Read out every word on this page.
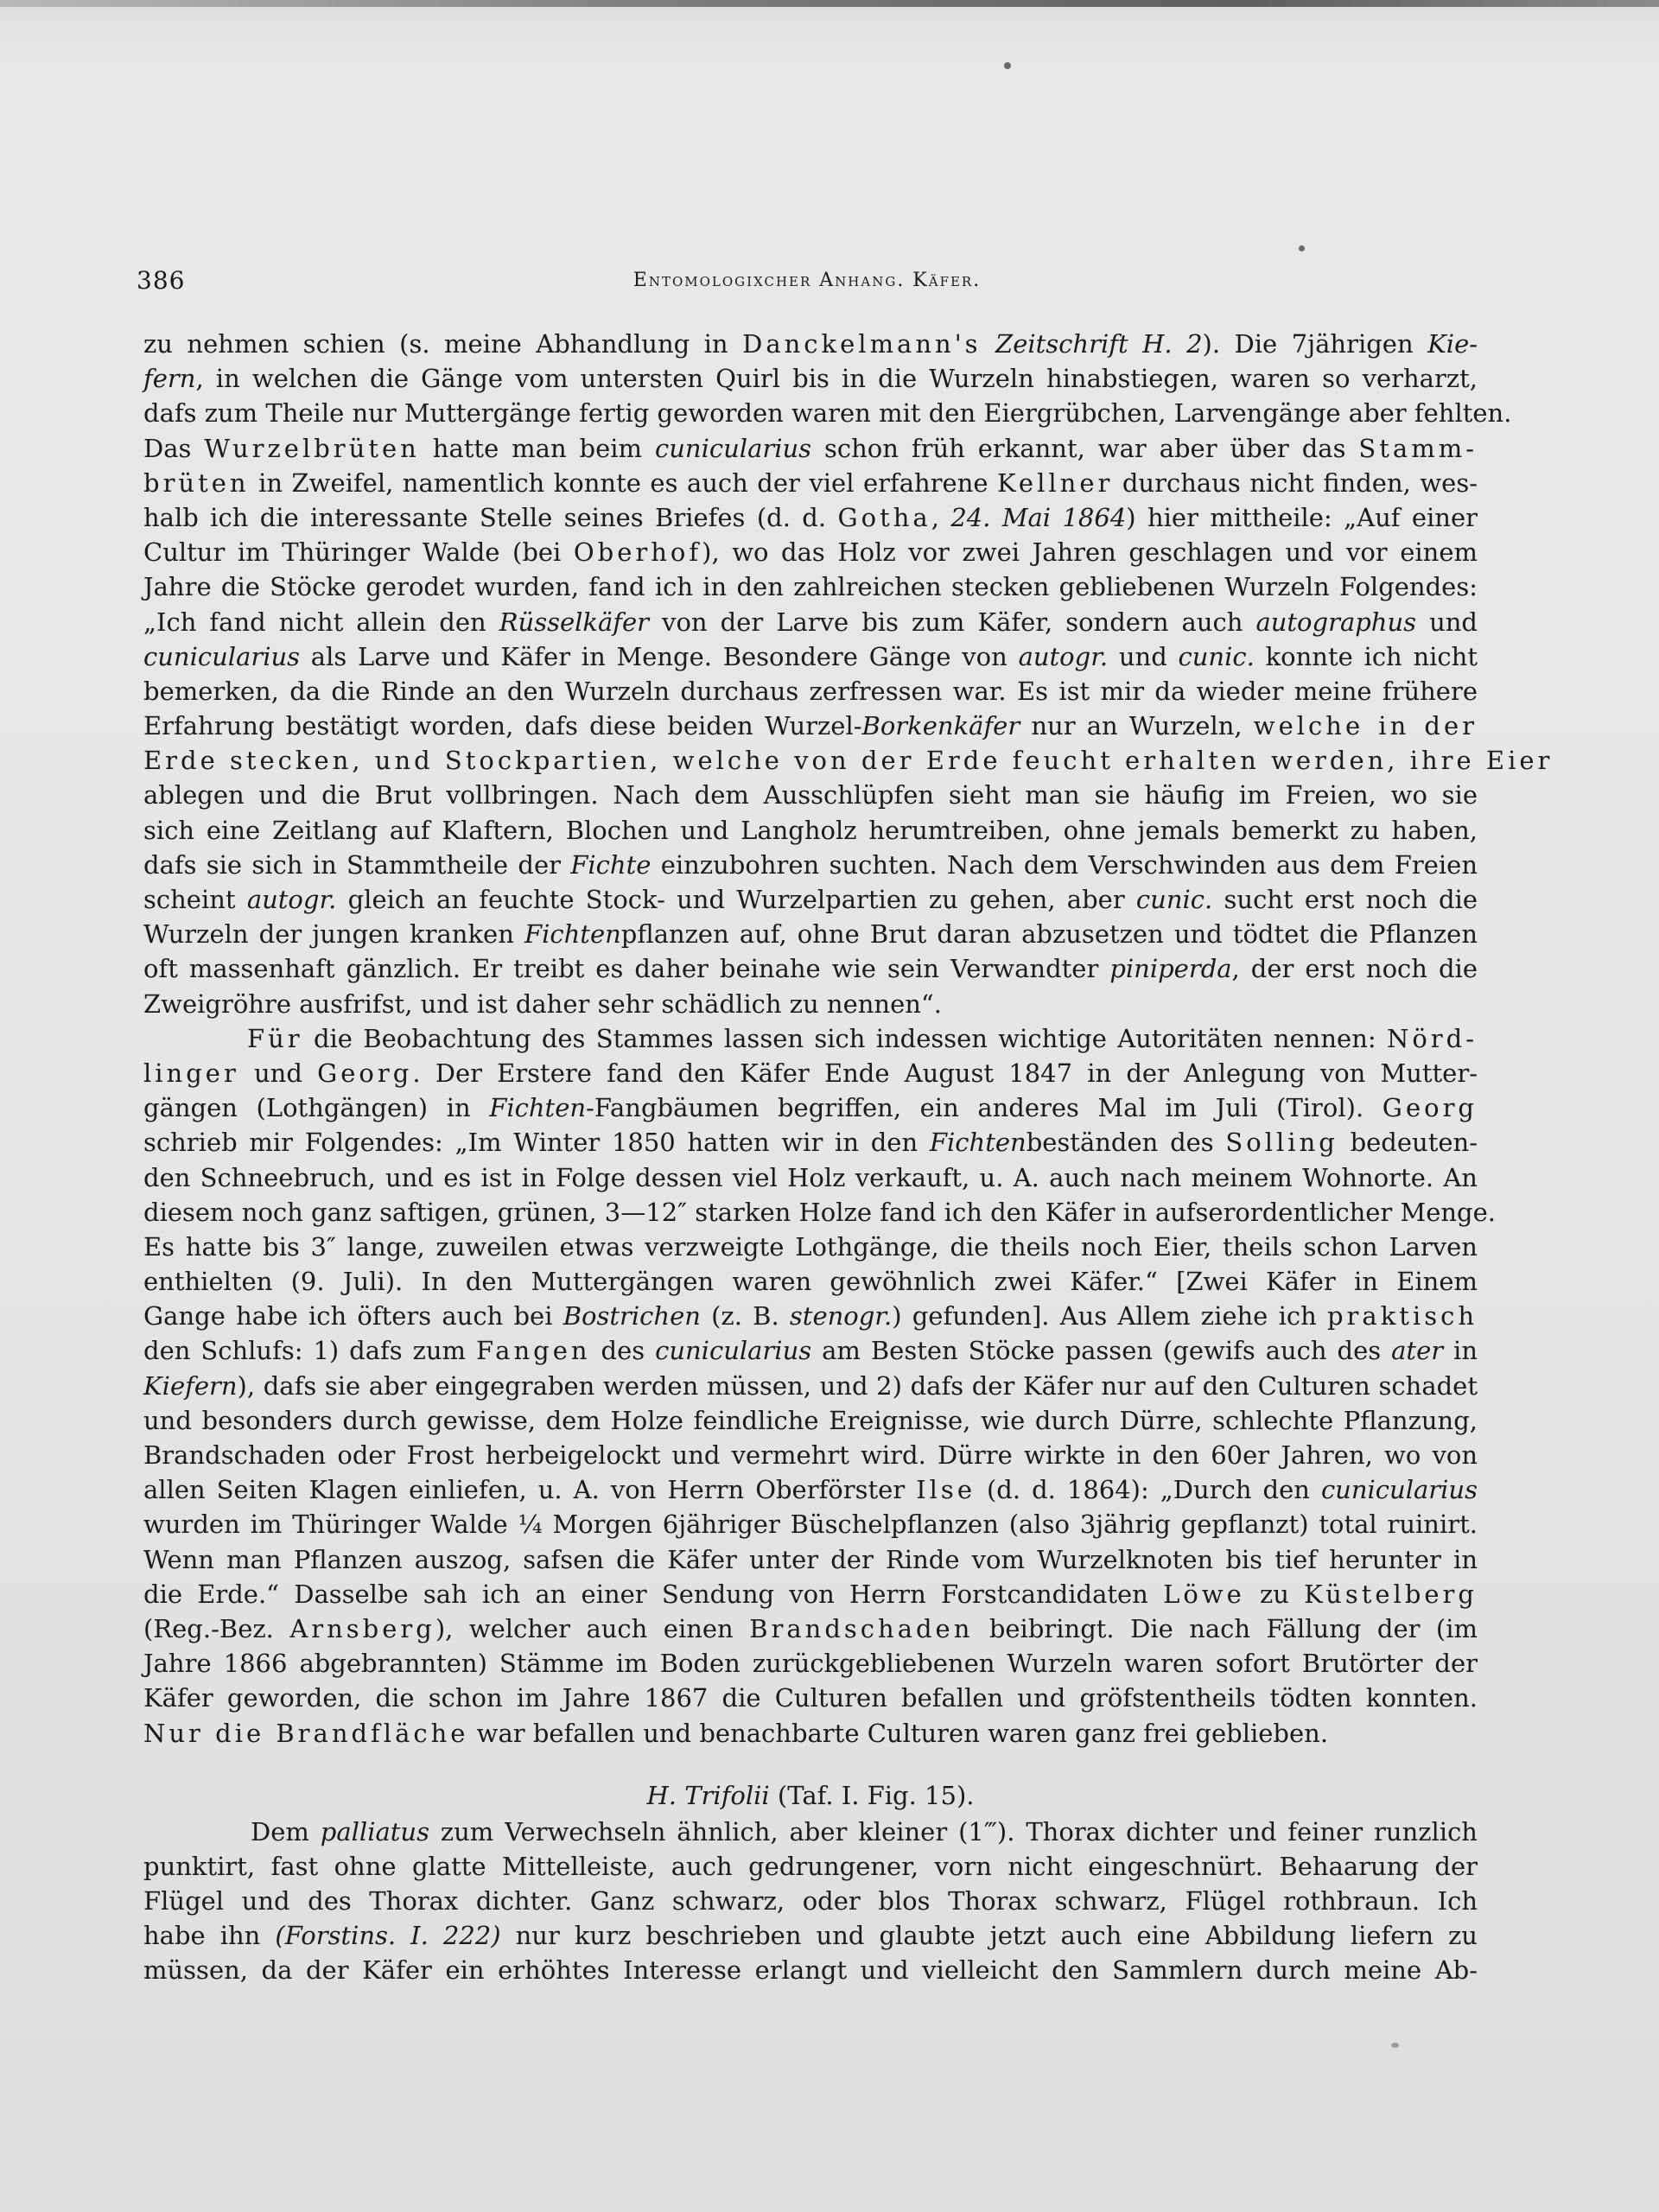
386	Entomologixcher Anhang. Käfer.
zu nehmen schien (s. meine Abhandlung in Danckelmann's Zeitschrift H. 2). Die 7jährigen Kie-
fern, in welchen die Gänge vom untersten Quirl bis in die Wurzeln hinabstiegen, waren so verharzt,
dafs zum Theile nur Muttergänge fertig geworden waren mit den Eiergrübchen, Larvengänge aber fehlten.
Das Wurzelbrüten hatte man beim cunicularius schon früh erkannt, war aber über das Stamm-
brüten in Zweifel, namentlich konnte es auch der viel erfahrene Kellner durchaus nicht finden, wes-
halb ich die interessante Stelle seines Briefes (d. d. Gotha, 24. Mai 1864) hier mittheile: „Auf einer
Cultur im Thüringer Walde (bei Oberhof), wo das Holz vor zwei Jahren geschlagen und vor einem
Jahre die Stöcke gerodet wurden, fand ich in den zahlreichen stecken gebliebenen Wurzeln Folgendes:
„Ich fand nicht allein den Rüsselkäfer von der Larve bis zum Käfer, sondern auch autographus und
cunicularius als Larve und Käfer in Menge. Besondere Gänge von autogr. und cunic. konnte ich nicht
bemerken, da die Rinde an den Wurzeln durchaus zerfressen war. Es ist mir da wieder meine frühere
Erfahrung bestätigt worden, dafs diese beiden Wurzel-Borkenkäfer nur an Wurzeln, welche in der
Erde stecken, und Stockpartien, welche von der Erde feucht erhalten werden, ihre Eier
ablegen und die Brut vollbringen. Nach dem Ausschlüpfen sieht man sie häufig im Freien, wo sie
sich eine Zeitlang auf Klaftern, Blochen und Langholz herumtreiben, ohne jemals bemerkt zu haben,
dafs sie sich in Stammtheile der Fichte einzubohren suchten. Nach dem Verschwinden aus dem Freien
scheint autogr. gleich an feuchte Stock- und Wurzelpartien zu gehen, aber cunic. sucht erst noch die
Wurzeln der jungen kranken Fichtenpflanzen auf, ohne Brut daran abzusetzen und tödtet die Pflanzen
oft massenhaft gänzlich. Er treibt es daher beinahe wie sein Verwandter piniperda, der erst noch die
Zweigröhre ausfrifst, und ist daher sehr schädlich zu nennen“.
Für die Beobachtung des Stammes lassen sich indessen wichtige Autoritäten nennen: Nörd-
linger und Georg. Der Erstere fand den Käfer Ende August 1847 in der Anlegung von Mutter-
gängen (Lothgängen) in Fichten-Fangbäumen begriffen, ein anderes Mal im Juli (Tirol). Georg
schrieb mir Folgendes: „Im Winter 1850 hatten wir in den Fichtenbeständen des Solling bedeuten-
den Schneebruch, und es ist in Folge dessen viel Holz verkauft, u. A. auch nach meinem Wohnorte. An
diesem noch ganz saftigen, grünen, 3—12″ starken Holze fand ich den Käfer in aufserordentlicher Menge.
Es hatte bis 3″ lange, zuweilen etwas verzweigte Lothgänge, die theils noch Eier, theils schon Larven
enthielten (9. Juli). In den Muttergängen waren gewöhnlich zwei Käfer.“ [Zwei Käfer in Einem
Gange habe ich öfters auch bei Bostrichen (z. B. stenogr.) gefunden]. Aus Allem ziehe ich praktisch
den Schlufs: 1) dafs zum Fangen des cunicularius am Besten Stöcke passen (gewifs auch des ater in
Kiefern), dafs sie aber eingegraben werden müssen, und 2) dafs der Käfer nur auf den Culturen schadet
und besonders durch gewisse, dem Holze feindliche Ereignisse, wie durch Dürre, schlechte Pflanzung,
Brandschaden oder Frost herbeigelockt und vermehrt wird. Dürre wirkte in den 60er Jahren, wo von
allen Seiten Klagen einliefen, u. A. von Herrn Oberförster Ilse (d. d. 1864): „Durch den cunicularius
wurden im Thüringer Walde ¼ Morgen 6jähriger Büschelpflanzen (also 3jährig gepflanzt) total ruinirt.
Wenn man Pflanzen auszog, safsen die Käfer unter der Rinde vom Wurzelknoten bis tief herunter in
die Erde.“ Dasselbe sah ich an einer Sendung von Herrn Forstcandidaten Löwe zu Küstelberg
(Reg.-Bez. Arnsberg), welcher auch einen Brandschaden beibringt. Die nach Fällung der (im
Jahre 1866 abgebrannten) Stämme im Boden zurückgebliebenen Wurzeln waren sofort Brutörter der
Käfer geworden, die schon im Jahre 1867 die Culturen befallen und gröfstentheils tödten konnten.
Nur die Brandfläche war befallen und benachbarte Culturen waren ganz frei geblieben.
H. Trifolii (Taf. I. Fig. 15).
Dem palliatus zum Verwechseln ähnlich, aber kleiner (1‴). Thorax dichter und feiner runzlich
punktirt, fast ohne glatte Mittelleiste, auch gedrungener, vorn nicht eingeschnürt. Behaarung der
Flügel und des Thorax dichter. Ganz schwarz, oder blos Thorax schwarz, Flügel rothbraun. Ich
habe ihn (Forstins. I. 222) nur kurz beschrieben und glaubte jetzt auch eine Abbildung liefern zu
müssen, da der Käfer ein erhöhtes Interesse erlangt und vielleicht den Sammlern durch meine Ab-
